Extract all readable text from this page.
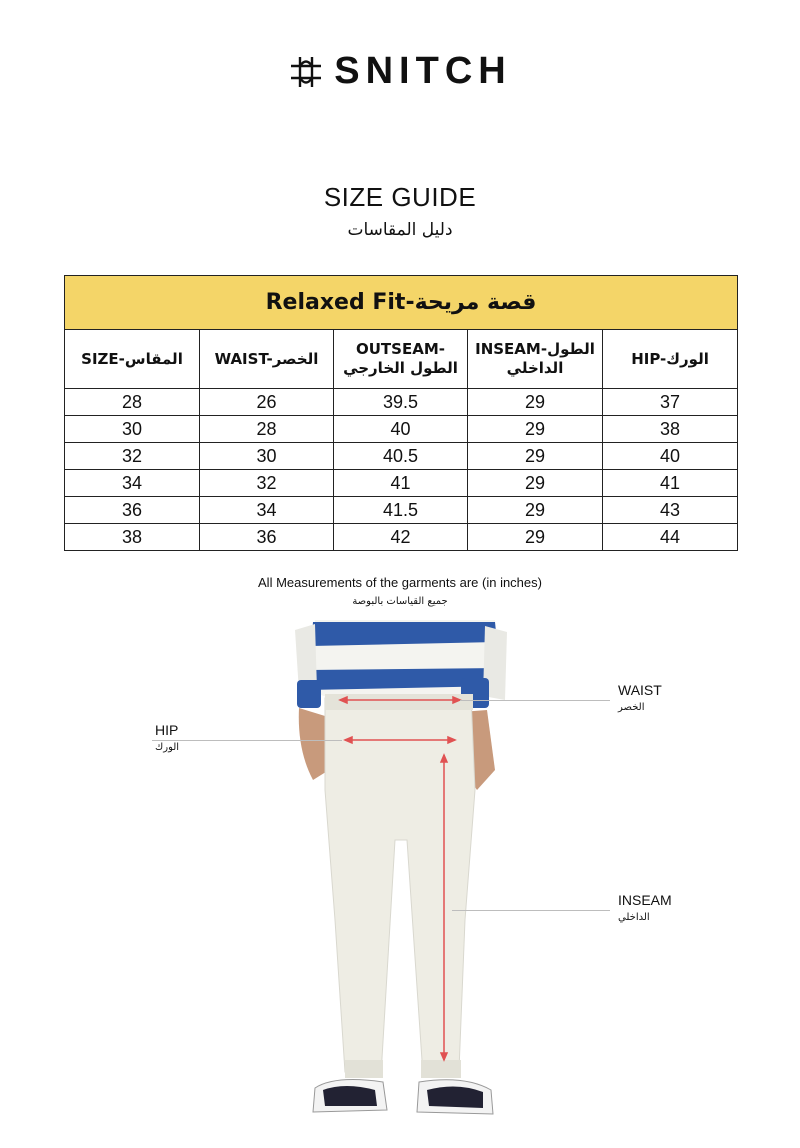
SNITCH
SIZE GUIDE
دليل المقاسات
Relaxed Fit-قصة مريحة				
SIZE-المقاس	WAIST-الخصر	OUTSEAM-
الطول الخارجي	INSEAM-الطول الداخلي	HIP-الورك
28	26	39.5	29	37
30	28	40	29	38
32	30	40.5	29	40
34	32	41	29	41
36	34	41.5	29	43
38	36	42	29	44
All Measurements of the garments are (in inches)
جميع القياسات بالبوصة
WAIST
الخصر
HIP
الورك
INSEAM
الداخلي
